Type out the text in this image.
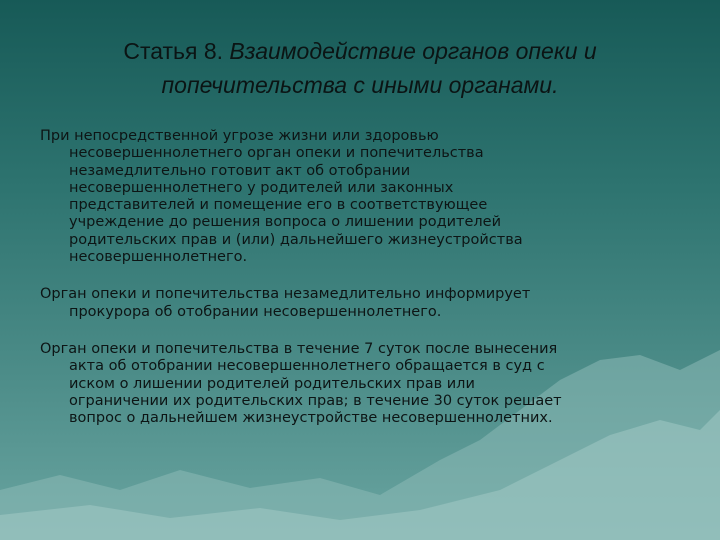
Статья 8. Взаимодействие органов опеки и
попечительства с иными органами.
При непосредственной угрозе жизни или здоровью
несовершеннолетнего орган опеки и попечительства
незамедлительно готовит акт об отобрании
несовершеннолетнего у родителей или законных
представителей и помещение его в соответствующее
учреждение до решения вопроса о лишении родителей
родительских прав и (или) дальнейшего жизнеустройства
несовершеннолетнего.
Орган опеки и попечительства незамедлительно информирует
прокурора об отобрании несовершеннолетнего.
Орган опеки и попечительства в течение 7 суток после вынесения
акта об отобрании несовершеннолетнего обращается в суд с
иском о лишении родителей родительских прав или
ограничении их родительских прав; в течение 30 суток решает
вопрос о дальнейшем жизнеустройстве несовершеннолетних.
